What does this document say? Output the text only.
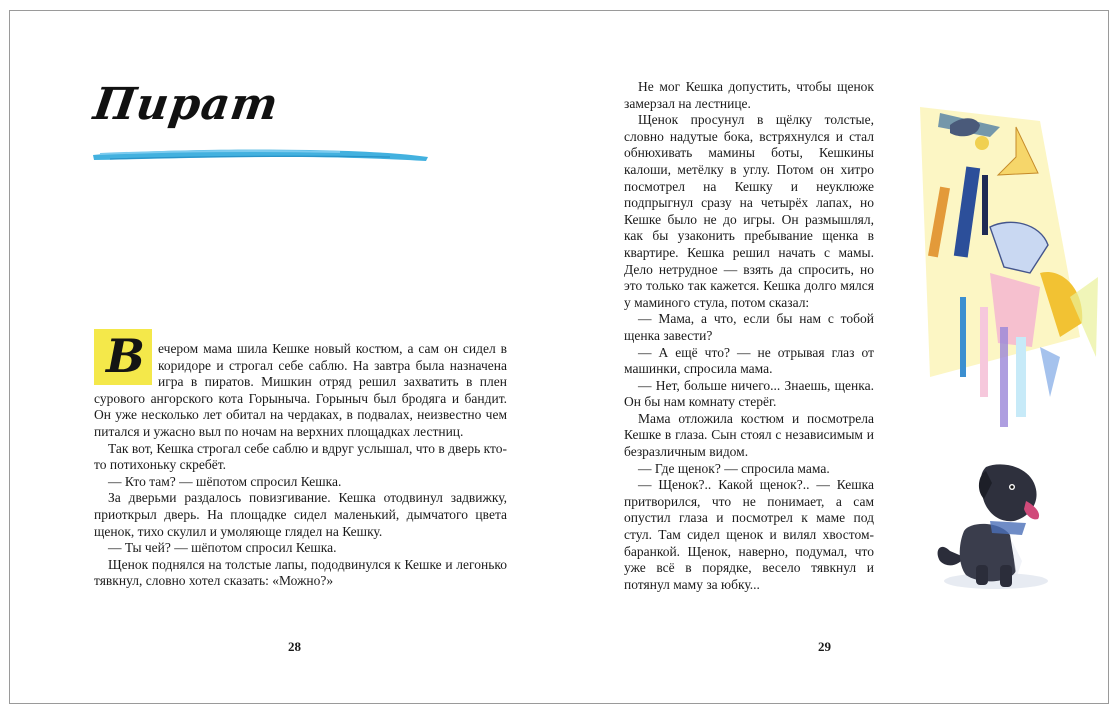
Пират
В ечером мама шила Кешке новый костюм, а сам он сидел в коридоре и строгал себе саблю. На завтра была назначена игра в пиратов. Мишкин отряд решил захватить в плен сурового ангорского кота Горыныча. Горыныч был бродяга и бандит. Он уже несколько лет обитал на чердаках, в подвалах, неизвестно чем питался и ужасно выл по ночам на верхних площадках лестниц.

Так вот, Кешка строгал себе саблю и вдруг услышал, что в дверь кто-то потихоньку скребёт.

— Кто там? — шёпотом спросил Кешка.

За дверьми раздалось повизгивание. Кешка отодвинул задвижку, приоткрыл дверь. На площадке сидел маленький, дымчатого цвета щенок, тихо скулил и умоляюще глядел на Кешку.

— Ты чей? — шёпотом спросил Кешка.

Щенок поднялся на толстые лапы, пододвинулся к Кешке и легонько тявкнул, словно хотел сказать: «Можно?»

28

Не мог Кешка допустить, чтобы щенок замерзал на лестнице.

Щенок просунул в щёлку толстые, словно надутые бока, встряхнулся и стал обнюхивать мамины боты, Кешкины калоши, метёлку в углу. Потом он хитро посмотрел на Кешку и неуклюже подпрыгнул сразу на четырёх лапах, но Кешке было не до игры. Он размышлял, как бы узаконить пребывание щенка в квартире. Кешка решил начать с мамы. Дело нетрудное — взять да спросить, но это только так кажется. Кешка долго мялся у маминого стула, потом сказал:

— Мама, а что, если бы нам с тобой щенка завести?

— А ещё что? — не отрывая глаз от машинки, спросила мама.

— Нет, больше ничего... Знаешь, щенка. Он бы нам комнату стерёг.

Мама отложила костюм и посмотрела Кешке в глаза. Сын стоял с независимым и безразличным видом.

— Где щенок? — спросила мама.

— Щенок?.. Какой щенок?.. — Кешка притворился, что не понимает, а сам опустил глаза и посмотрел к маме под стул. Там сидел щенок и вилял хвостом-баранкой. Щенок, наверно, подумал, что уже всё в порядке, весело тявкнул и потянул маму за юбку...

29
